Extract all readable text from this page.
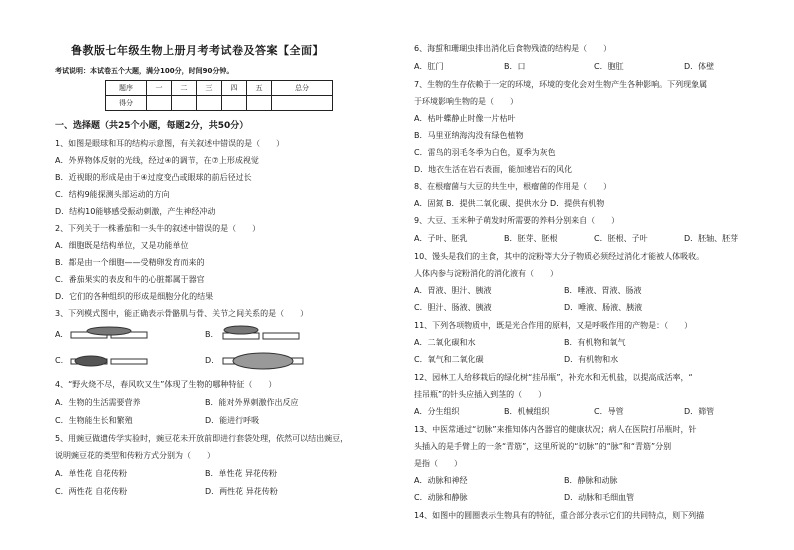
鲁教版七年级生物上册月考考试卷及答案【全面】
考试说明：本试卷五个大题，满分100分，时间90分钟。
题序	一	二	三	四	五	总分
得分						
一、选择题（共25个小题，每题2分，共50分）
1、如图是眼球和耳的结构示意图，有关叙述中错误的是（　　）
A．外界物体反射的光线，经过④的调节，在⑦上形成视觉
B．近视眼的形成是由于④过度变凸或眼球的前后径过长
C．结构9能探测头部运动的方向
D．结构10能够感受振动刺激，产生神经冲动
2、下列关于一株番茄和一头牛的叙述中错误的是（　　）
A．细胞既是结构单位，又是功能单位
B．都是由一个细胞——受精卵发育而来的
C．番茄果实的表皮和牛的心脏都属于器官
D．它们的各种组织的形成是细胞分化的结果
3、下列模式图中，能正确表示骨骼肌与骨、关节之间关系的是（　　）
A.	B.
C.	D.
4、“野火烧不尽，春风吹又生”体现了生物的哪种特征（　　）
A．生物的生活需要营养	B．能对外界刺激作出反应
C．生物能生长和繁殖	D．能进行呼吸
5、用豌豆做遗传学实验时，豌豆花未开放前即进行套袋处理，依然可以结出豌豆，
说明豌豆花的类型和传粉方式分别为（　　）
A．单性花 自花传粉	B．单性花 异花传粉
C．两性花 自花传粉	D．两性花 异花传粉
6、海蜇和珊瑚虫排出消化后食物残渣的结构是（　　）
A．肛门	B．口	C．胞肛	D．体壁
7、生物的生存依赖于一定的环境，环境的变化会对生物产生各种影响。下列现象属
于环境影响生物的是（　　）
A．枯叶蝶静止时像一片枯叶
B．马里亚纳海沟没有绿色植物
C．雷鸟的羽毛冬季为白色，夏季为灰色
D．地衣生活在岩石表面，能加速岩石的风化
8、在根瘤菌与大豆的共生中，根瘤菌的作用是（　　）
A．固氮 B．提供二氧化碳、提供水分 D．提供有机物
9、大豆、玉米种子萌发时所需要的养料分别来自（　　）
A．子叶、胚乳	B．胚芽、胚根	C．胚根、子叶	D．胚轴、胚芽
10、馒头是我们的主食，其中的淀粉等大分子物质必须经过消化才能被人体吸收。
人体内参与淀粉消化的消化液有（　　）
A．胃液、胆汁、胰液	B．唾液、胃液、肠液
C．胆汁、肠液、胰液	D．唾液、肠液、胰液
11、下列各项物质中，既是光合作用的原料，又是呼吸作用的产物是：（　　）
A．二氧化碳和水	B．有机物和氧气
C．氧气和二氧化碳	D．有机物和水
12、园林工人给移栽后的绿化树“挂吊瓶”，补充水和无机盐，以提高成活率，“
挂吊瓶”的针头应插入到茎的（　　）
A．分生组织	B．机械组织	C．导管	D．筛管
13、中医常通过“切脉”来推知体内各器官的健康状况；病人在医院打吊瓶时，针
头插入的是手臂上的一条“青筋”，这里所说的“切脉”的“脉”和“青筋”分别
是指（　　）
A．动脉和神经	B．静脉和动脉
C．动脉和静脉	D．动脉和毛细血管
14、如图中的圆圈表示生物具有的特征，重合部分表示它们的共同特点，则下列描
